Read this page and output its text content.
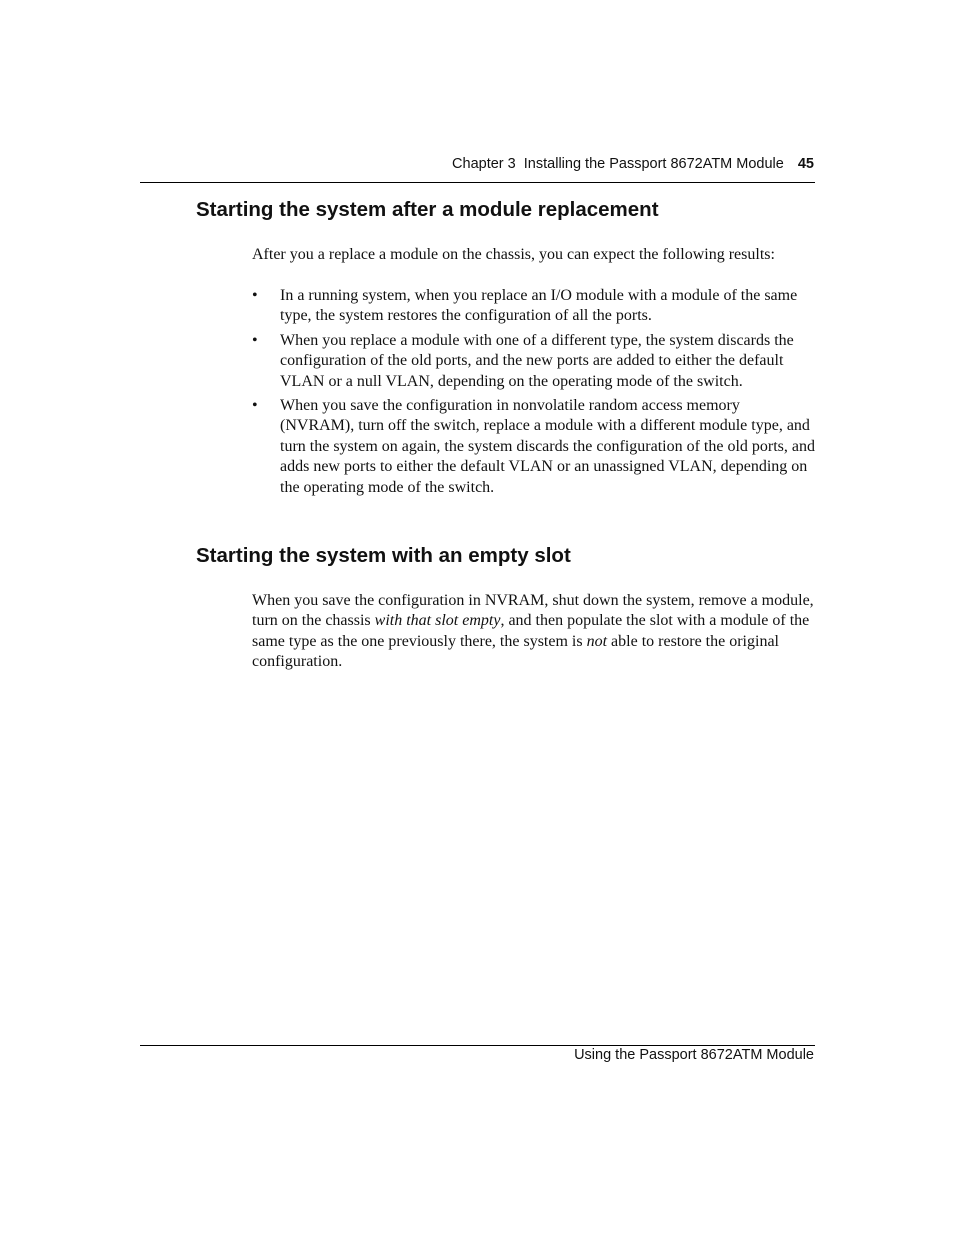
Chapter 3 Installing the Passport 8672ATM Module 45
Starting the system after a module replacement

After you a replace a module on the chassis, you can expect the following results:

• In a running system, when you replace an I/O module with a module of the same type, the system restores the configuration of all the ports.
• When you replace a module with one of a different type, the system discards the configuration of the old ports, and the new ports are added to either the default VLAN or a null VLAN, depending on the operating mode of the switch.
• When you save the configuration in nonvolatile random access memory (NVRAM), turn off the switch, replace a module with a different module type, and turn the system on again, the system discards the configuration of the old ports, and adds new ports to either the default VLAN or an unassigned VLAN, depending on the operating mode of the switch.
Starting the system with an empty slot

When you save the configuration in NVRAM, shut down the system, remove a module, turn on the chassis with that slot empty, and then populate the slot with a module of the same type as the one previously there, the system is not able to restore the original configuration.

Using the Passport 8672ATM Module
